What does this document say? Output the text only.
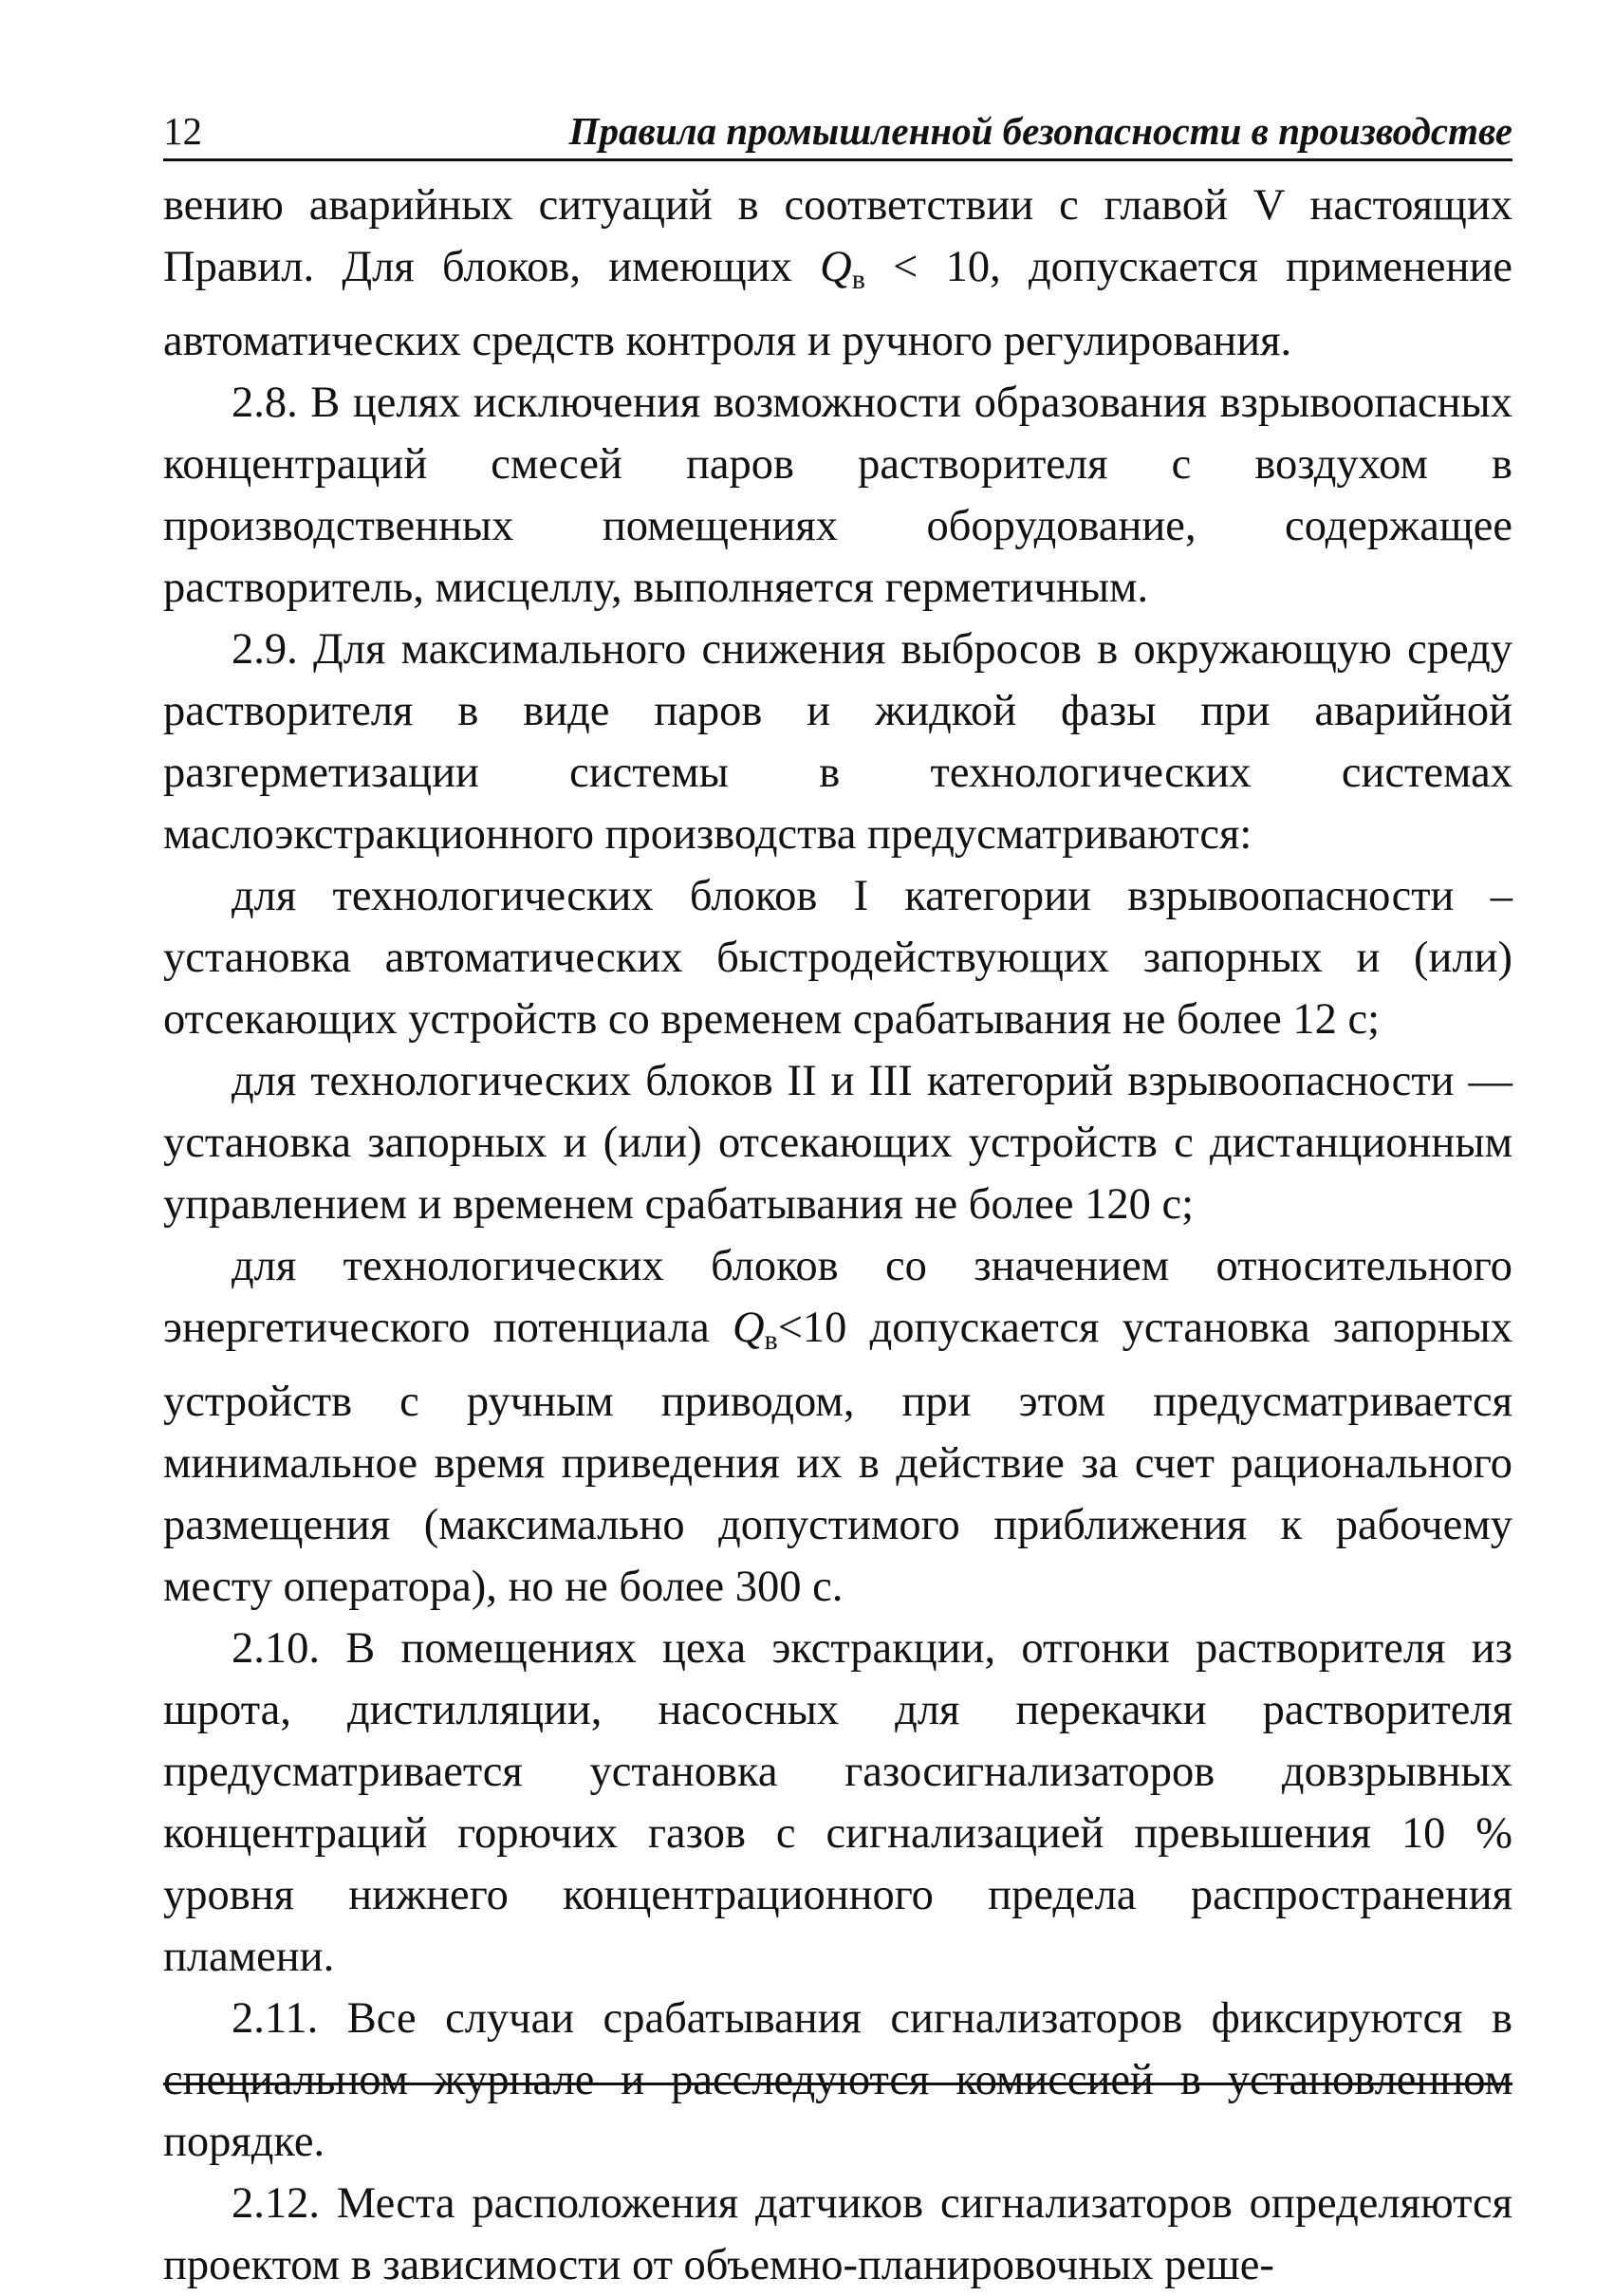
12	Правила промышленной безопасности в производстве

вению аварийных ситуаций в соответствии с главой V настоящих Правил. Для блоков, имеющих Qв < 10, допускается применение автоматических средств контроля и ручного регулирования.

2.8. В целях исключения возможности образования взрывоопасных концентраций смесей паров растворителя с воздухом в производственных помещениях оборудование, содержащее растворитель, мисцеллу, выполняется герметичным.

2.9. Для максимального снижения выбросов в окружающую среду растворителя в виде паров и жидкой фазы при аварийной разгерметизации системы в технологических системах маслоэкстракционного производства предусматриваются:

для технологических блоков I категории взрывоопасности – установка автоматических быстродействующих запорных и (или) отсекающих устройств со временем срабатывания не более 12 с;

для технологических блоков II и III категорий взрывоопасности — установка запорных и (или) отсекающих устройств с дистанционным управлением и временем срабатывания не более 120 с;

для технологических блоков со значением относительного энергетического потенциала Qв<10 допускается установка запорных устройств с ручным приводом, при этом предусматривается минимальное время приведения их в действие за счет рационального размещения (максимально допустимого приближения к рабочему месту оператора), но не более 300 с.

2.10. В помещениях цеха экстракции, отгонки растворителя из шрота, дистилляции, насосных для перекачки растворителя предусматривается установка газосигнализаторов довзрывных концентраций горючих газов с сигнализацией превышения 10 % уровня нижнего концентрационного предела распространения пламени.

2.11. Все случаи срабатывания сигнализаторов фиксируются в специальном журнале и расследуются комиссией в установленном порядке.

2.12. Места расположения датчиков сигнализаторов определяются проектом в зависимости от объемно-планировочных реше-
